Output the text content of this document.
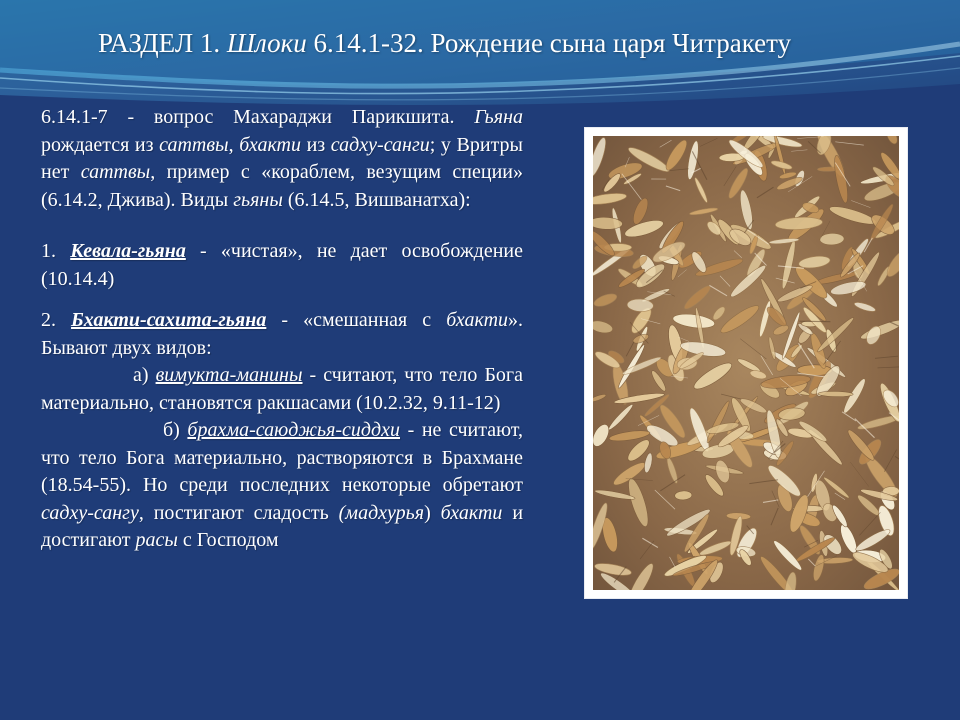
РАЗДЕЛ 1. Шлоки 6.14.1-32. Рождение сына царя Читракету

6.14.1-7 - вопрос Махараджи Парикшита. Гьяна рождается из саттвы, бхакти из садху-санги; у Вритры нет саттвы, пример с «кораблем, везущим специи» (6.14.2, Джива). Виды гьяны (6.14.5, Вишванатха):

1. Кевала-гьяна - «чистая», не дает освобождение (10.14.4)

2. Бхакти-сахита-гьяна - «смешанная с бхакти». Бывают двух видов:

а) вимукта-манины - считают, что тело Бога материально, становятся ракшасами (10.2.32, 9.11-12)

б) брахма-саюджья-сиддхи - не считают, что тело Бога материально, растворяются в Брахмане (18.54-55). Но среди последних некоторые обретают садху-сангу, постигают сладость (мадхурья) бхакти и достигают расы с Господом
